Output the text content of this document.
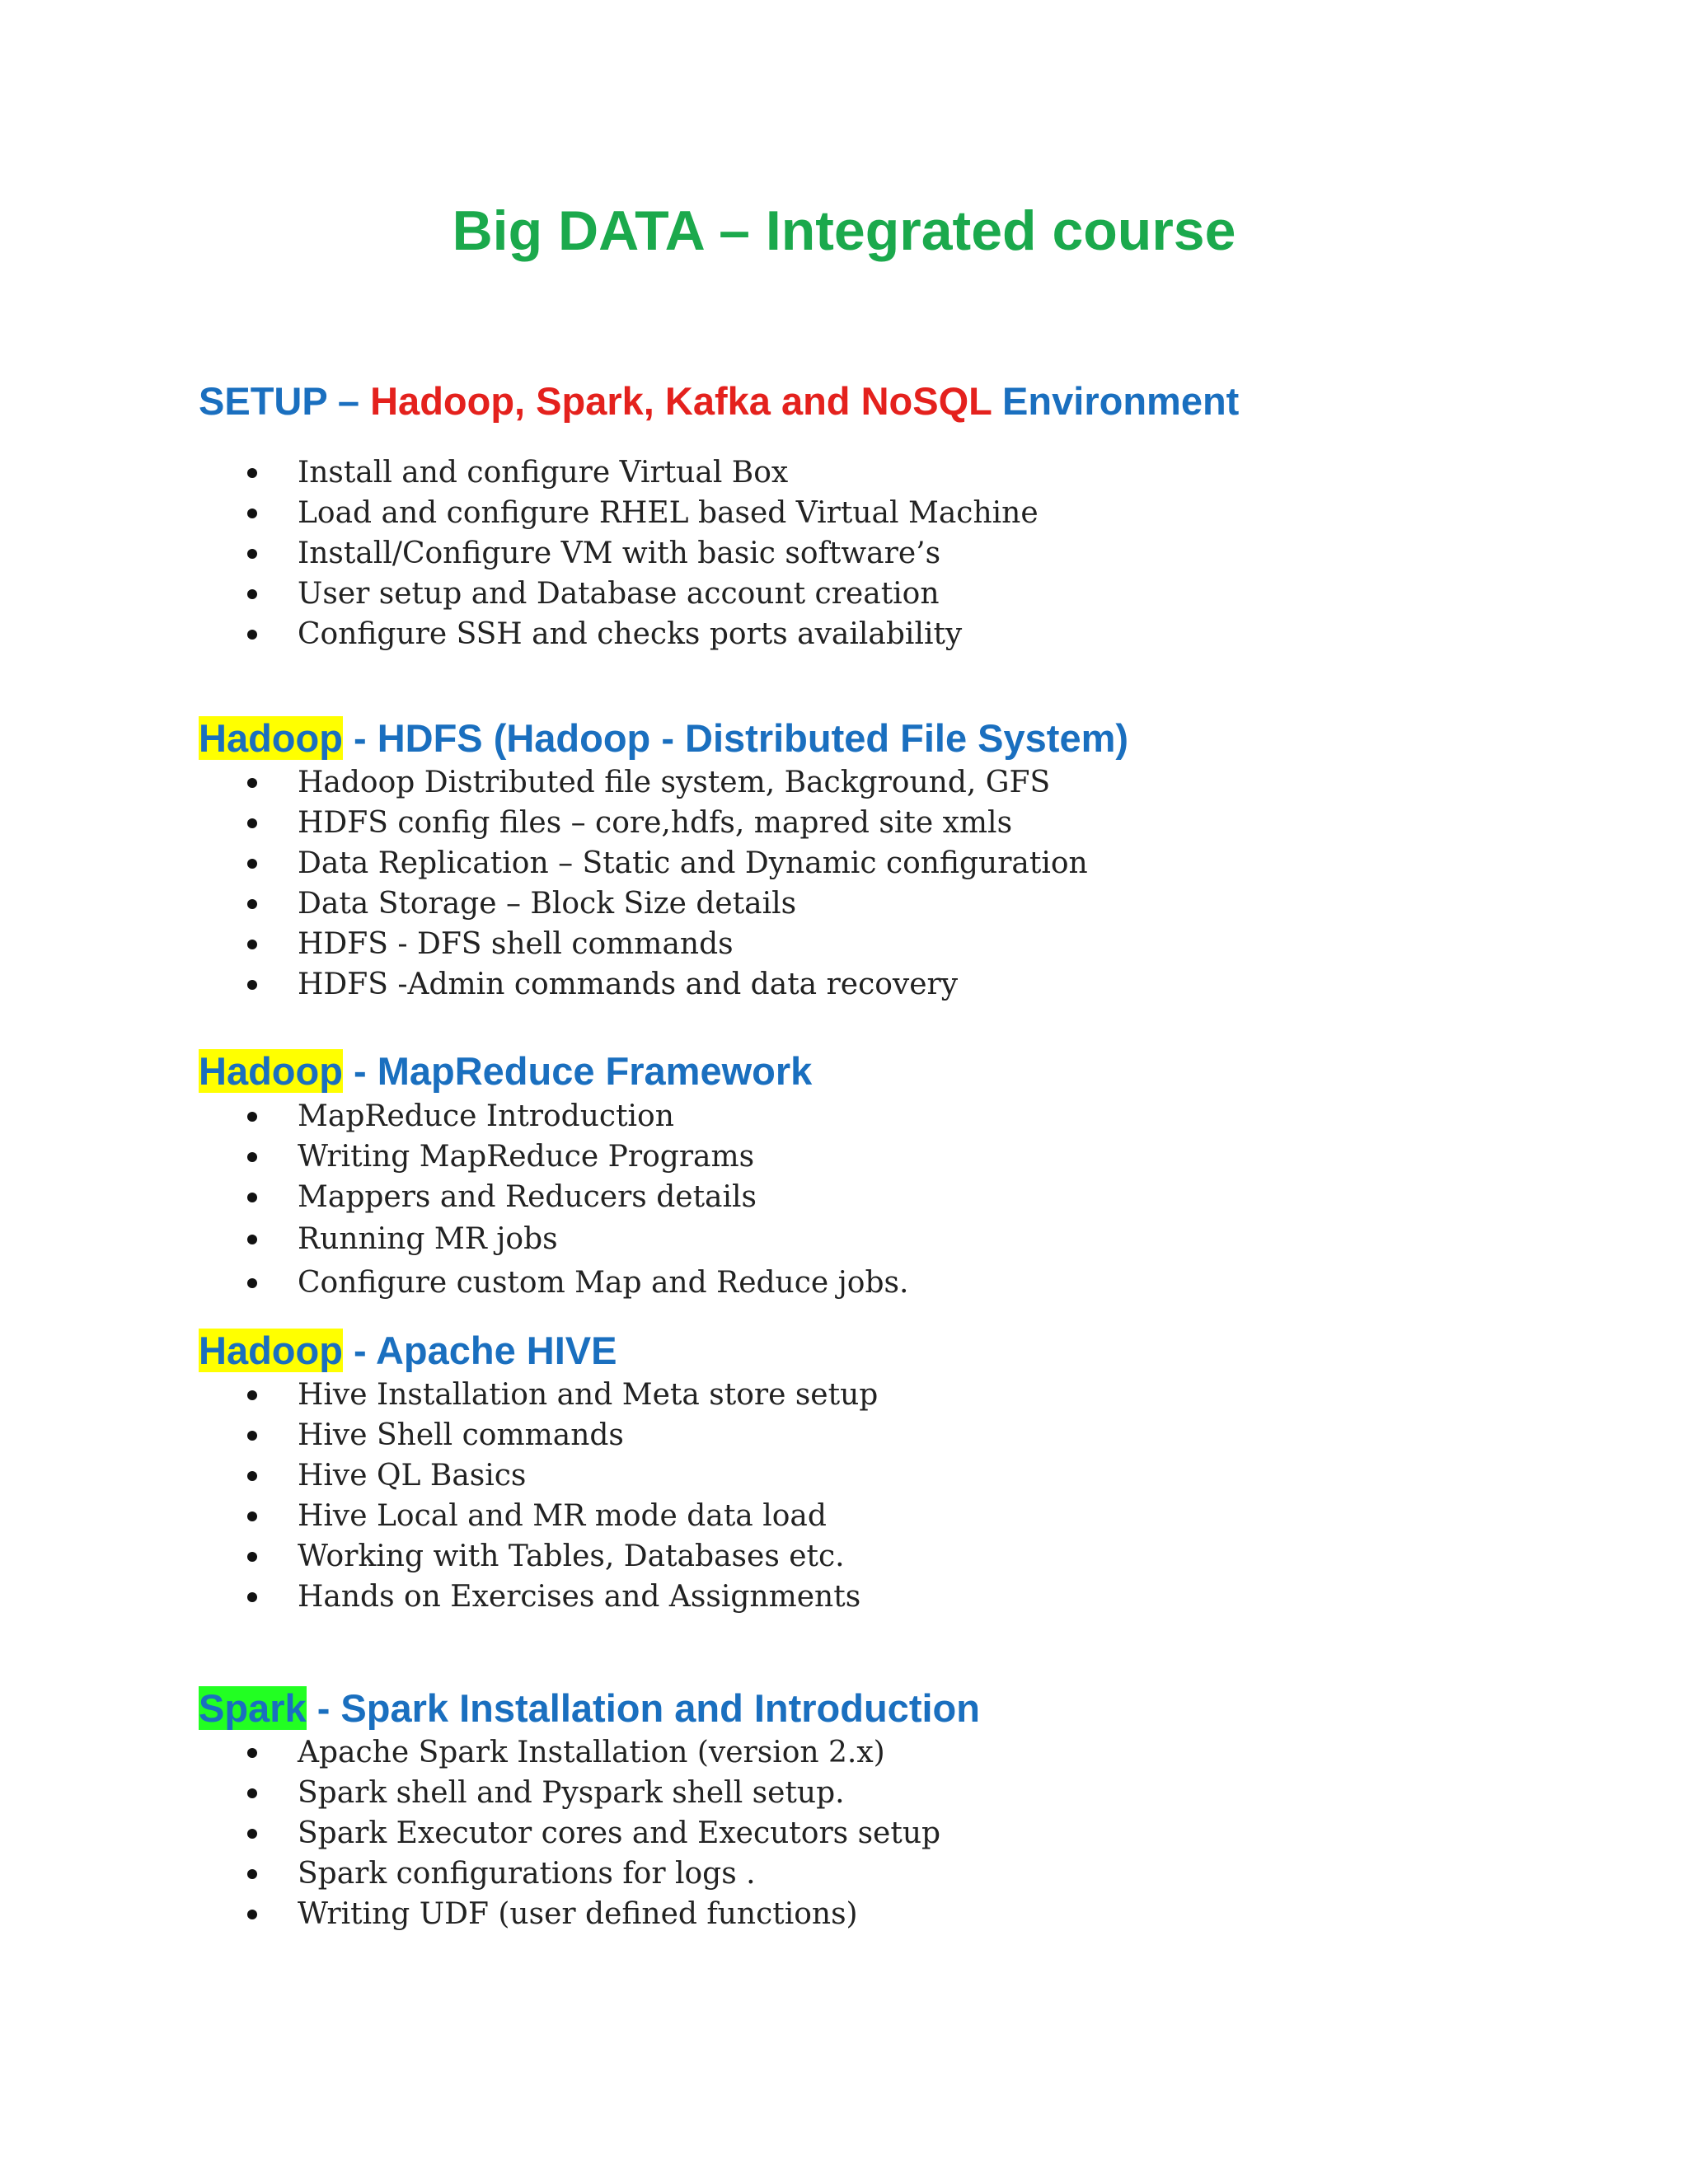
Big DATA – Integrated course
SETUP – Hadoop, Spark, Kafka and NoSQL Environment
Install and configure Virtual Box
Load and configure RHEL based Virtual Machine
Install/Configure VM with basic software’s
User setup and Database account creation
Configure SSH and checks ports availability
Hadoop - HDFS (Hadoop - Distributed File System)
Hadoop Distributed file system, Background, GFS
HDFS config files – core,hdfs, mapred site xmls
Data Replication – Static and Dynamic configuration
Data Storage – Block Size details
HDFS - DFS shell commands
HDFS -Admin commands and data recovery
Hadoop - MapReduce Framework
MapReduce Introduction
Writing MapReduce Programs
Mappers and Reducers details
Running MR jobs
Configure custom Map and Reduce jobs.
Hadoop - Apache HIVE
Hive Installation and Meta store setup
Hive Shell commands
Hive QL Basics
Hive Local and MR mode data load
Working with Tables, Databases etc.
Hands on Exercises and Assignments
Spark - Spark Installation and Introduction
Apache Spark Installation (version 2.x)
Spark shell and Pyspark shell setup.
Spark Executor cores and Executors setup
Spark configurations for logs .
Writing UDF (user defined functions)
